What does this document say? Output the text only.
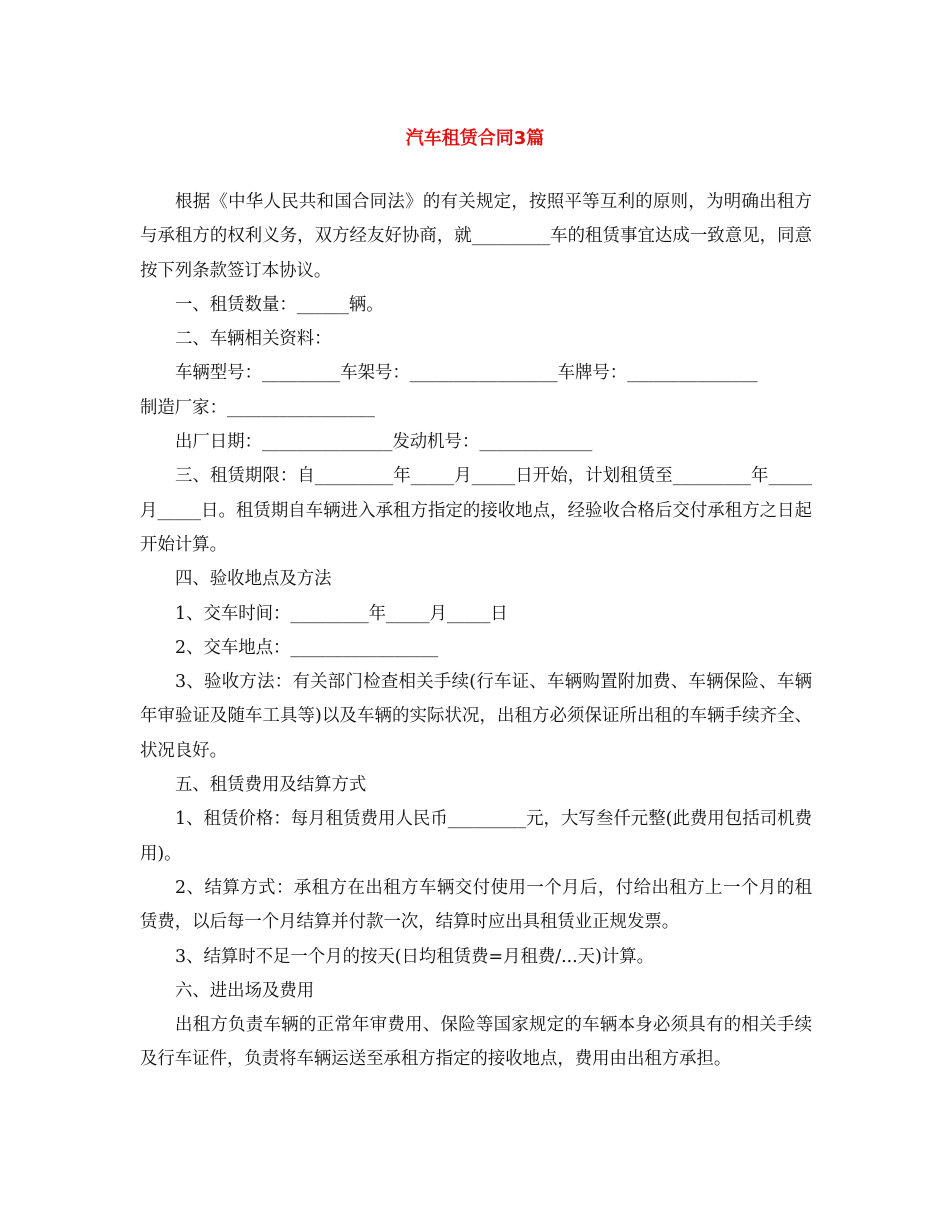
汽车租赁合同3篇

根据《中华人民共和国合同法》的有关规定，按照平等互利的原则，为明确出租方与承租方的权利义务，双方经友好协商，就_________车的租赁事宜达成一致意见，同意按下列条款签订本协议。

一、租赁数量：______辆。

二、车辆相关资料：

车辆型号：_________车架号：_________________车牌号：_______________

制造厂家：_________________

出厂日期：_______________发动机号：_____________

三、租赁期限：自_________年_____月_____日开始，计划租赁至_________年_____月_____日。租赁期自车辆进入承租方指定的接收地点，经验收合格后交付承租方之日起开始计算。

四、验收地点及方法

1、交车时间：_________年_____月_____日

2、交车地点：_________________

3、验收方法：有关部门检查相关手续(行车证、车辆购置附加费、车辆保险、车辆年审验证及随车工具等)以及车辆的实际状况，出租方必须保证所出租的车辆手续齐全、状况良好。

五、租赁费用及结算方式

1、租赁价格：每月租赁费用人民币_________元，大写叁仟元整(此费用包括司机费用)。

2、结算方式：承租方在出租方车辆交付使用一个月后，付给出租方上一个月的租赁费，以后每一个月结算并付款一次，结算时应出具租赁业正规发票。

3、结算时不足一个月的按天(日均租赁费=月租费/...天)计算。

六、进出场及费用

出租方负责车辆的正常年审费用、保险等国家规定的车辆本身必须具有的相关手续及行车证件，负责将车辆运送至承租方指定的接收地点，费用由出租方承担。
